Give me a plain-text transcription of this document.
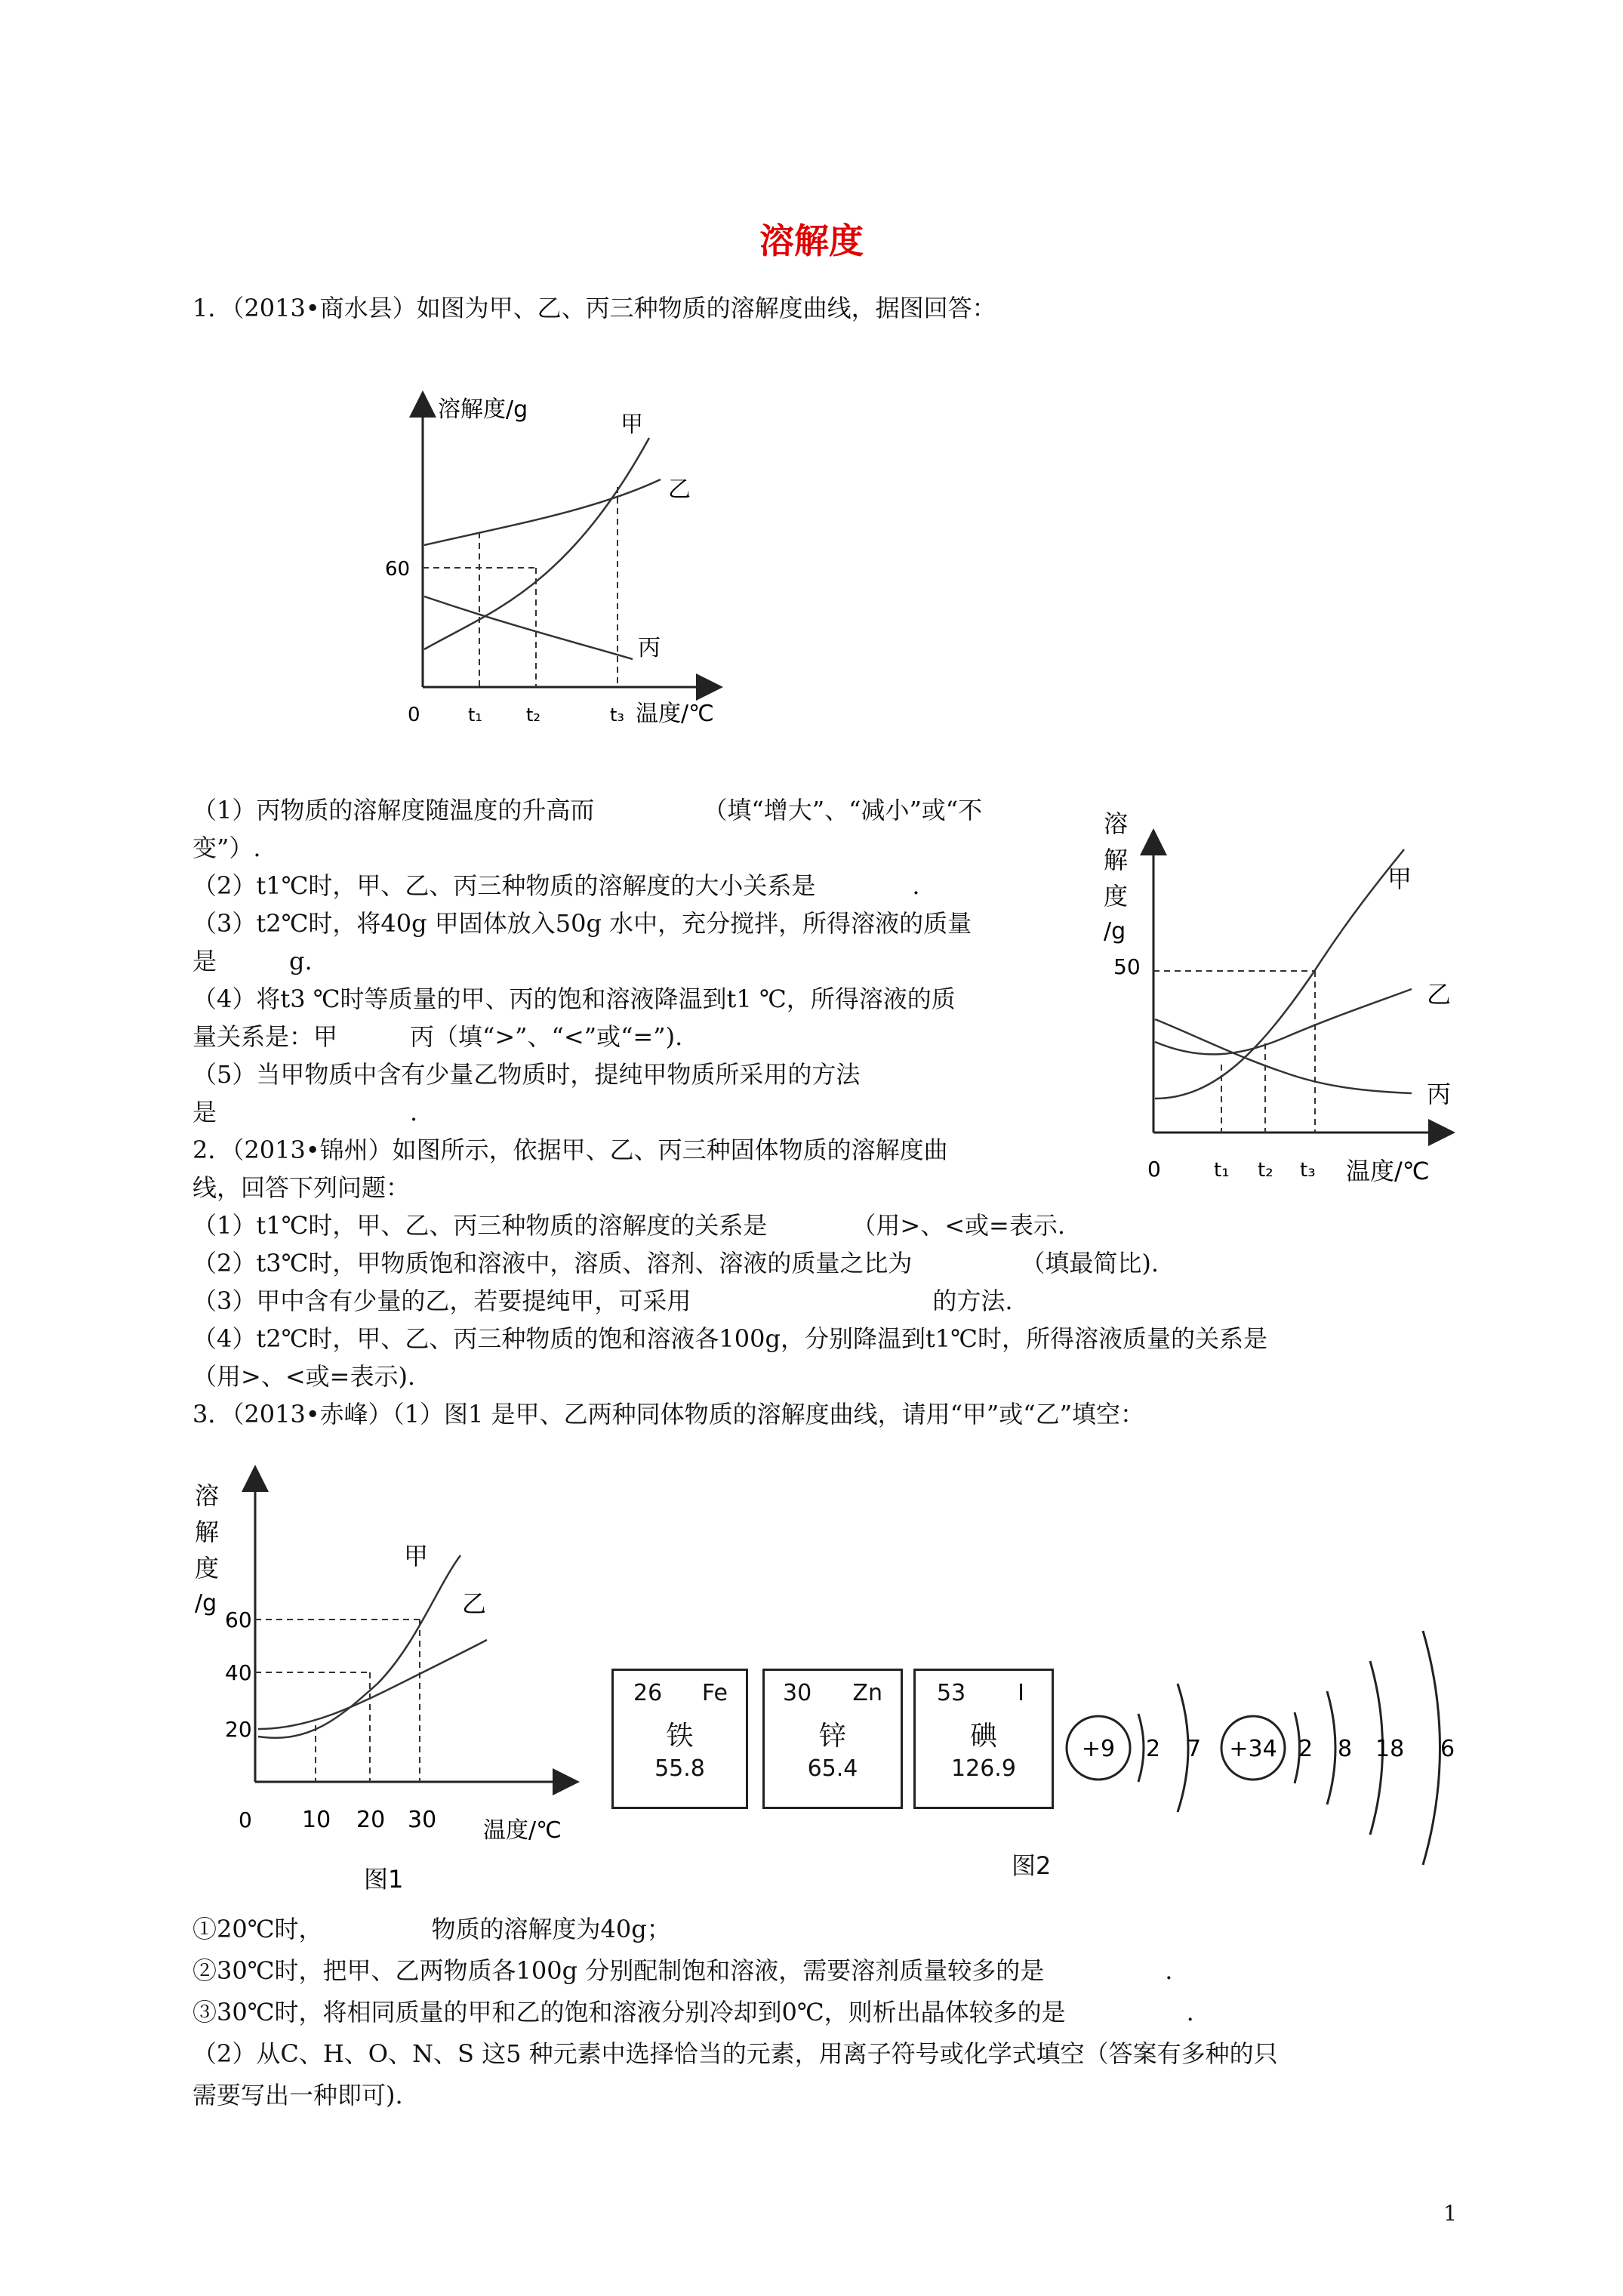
溶解度
1．（2013•商水县）如图为甲、乙、丙三种物质的溶解度曲线，据图回答：
溶解度/g
0
60
t₁ t₂	t₃ 温度/℃
甲
乙
丙
（1）丙物质的溶解度随温度的升高而　　　　　（填“增大”、“减小”或“不
变”）.
（2）t1℃时，甲、乙、丙三种物质的溶解度的大小关系是　　　　.
（3）t2℃时，将40g 甲固体放入50g 水中，充分搅拌，所得溶液的质量
是　　　g.
（4）将t3 ℃时等质量的甲、丙的饱和溶液降温到t1 ℃，所得溶液的质
量关系是：甲　　　丙（填“>”、“<”或“=”).
（5）当甲物质中含有少量乙物质时，提纯甲物质所采用的方法
是　　　　　　　　.
2．（2013•锦州）如图所示，依据甲、乙、丙三种固体物质的溶解度曲
线，回答下列问题：
溶
解
度
/g
50
0	t₁ t₂ t₃ 温度/℃
甲
乙
丙
（1）t1℃时，甲、乙、丙三种物质的溶解度的关系是　　　　（用>、<或=表示.
（2）t3℃时，甲物质饱和溶液中，溶质、溶剂、溶液的质量之比为　　　　　（填最简比).
（3）甲中含有少量的乙，若要提纯甲，可采用　　　　　　　　　　的方法.
（4）t2℃时，甲、乙、丙三种物质的饱和溶液各100g，分别降温到t1℃时，所得溶液质量的关系是
（用>、<或=表示).
3．（2013•赤峰）（1）图1 是甲、乙两种同体物质的溶解度曲线，请用“甲”或“乙”填空：
溶
解
度
/g
20
40
60
0 10 20 30 温度/℃
图1
甲
乙
26 Fe
铁
55.8
30 Zn
锌
65.4
53 I
碘
126.9
+9 2 7 +34 2 8 18 6
图2
①20℃时，　　　　　物质的溶解度为40g；
②30℃时，把甲、乙两物质各100g 分别配制饱和溶液，需要溶剂质量较多的是　　　　　.
③30℃时，将相同质量的甲和乙的饱和溶液分别冷却到0℃，则析出晶体较多的是　　　　　.
（2）从C、H、O、N、S 这5 种元素中选择恰当的元素，用离子符号或化学式填空（答案有多种的只
需要写出一种即可).
1
